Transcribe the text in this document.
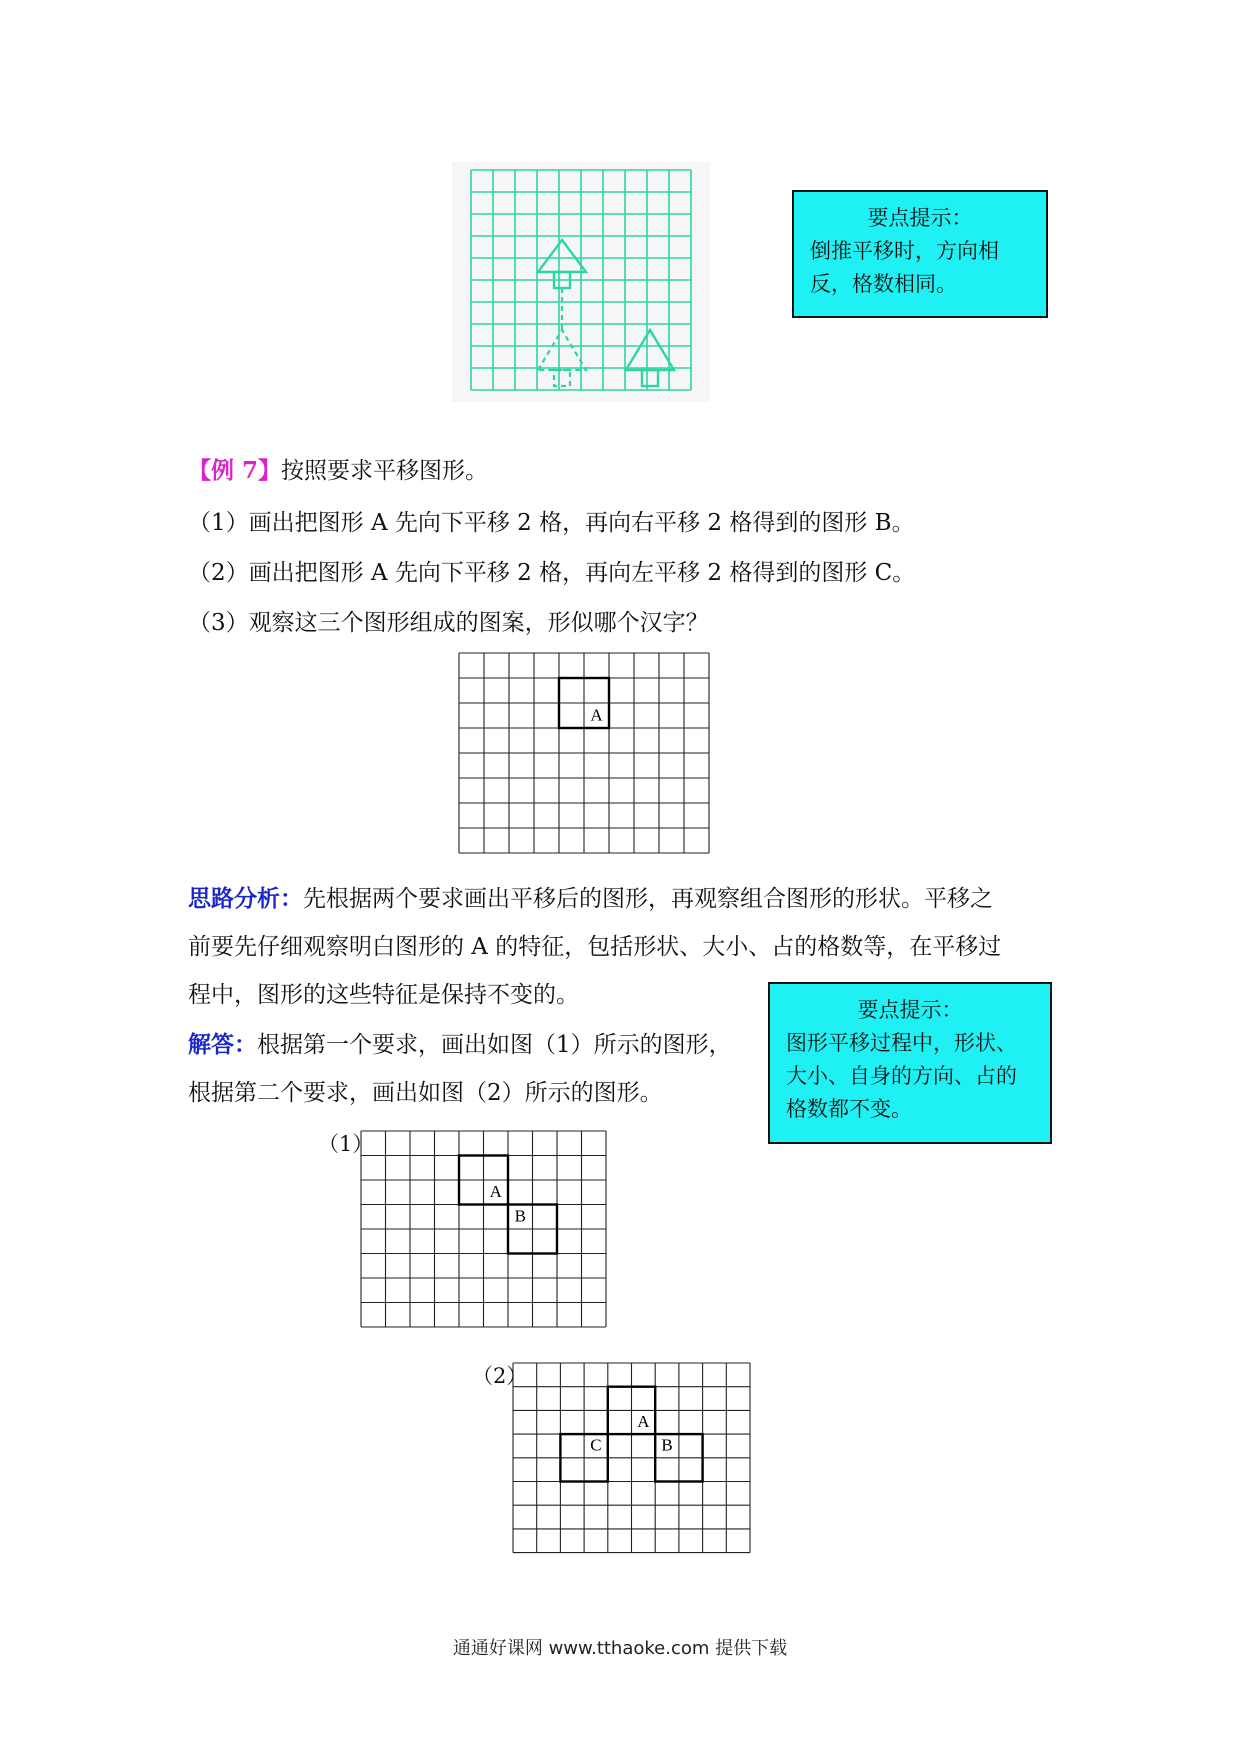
要点提示：
倒推平移时，方向相反，格数相同。
【例 7】按照要求平移图形。
（1）画出把图形 A 先向下平移 2 格，再向右平移 2 格得到的图形 B。
（2）画出把图形 A 先向下平移 2 格，再向左平移 2 格得到的图形 C。
（3）观察这三个图形组成的图案，形似哪个汉字？
A
思路分析：先根据两个要求画出平移后的图形，再观察组合图形的形状。平移之
前要先仔细观察明白图形的 A 的特征，包括形状、大小、占的格数等，在平移过
程中，图形的这些特征是保持不变的。
解答：根据第一个要求，画出如图（1）所示的图形，
根据第二个要求，画出如图（2）所示的图形。
要点提示：
图形平移过程中，形状、大小、自身的方向、占的格数都不变。
（1）
A
B
（2）
A
B
C
通通好课网 www.tthaoke.com 提供下载
